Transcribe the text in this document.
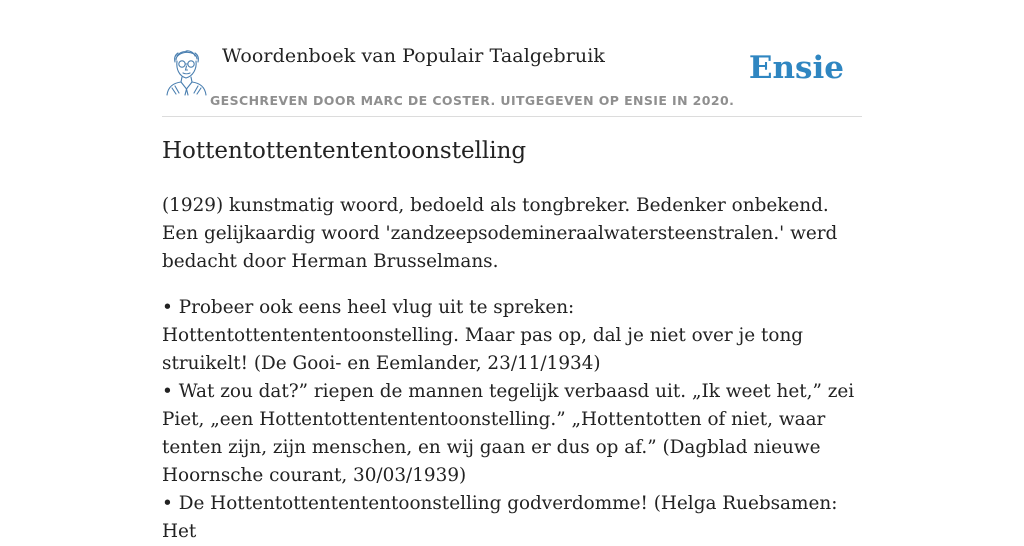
Woordenboek van Populair Taalgebruik
GESCHREVEN DOOR MARC DE COSTER. UITGEGEVEN OP ENSIE IN 2020.
Ensie
Hottentottentententoonstelling

(1929) kunstmatig woord, bedoeld als tongbreker. Bedenker onbekend. Een gelijkaardig woord 'zandzeepsodemineraalwatersteenstralen.' werd bedacht door Herman Brusselmans.

• Probeer ook eens heel vlug uit te spreken: Hottentottentententoonstelling. Maar pas op, dal je niet over je tong struikelt! (De Gooi- en Eemlander, 23/11/1934)

• Wat zou dat?” riepen de mannen tegelijk verbaasd uit. „Ik weet het,” zei Piet, „een Hottentottentententoonstelling.” „Hottentotten of niet, waar tenten zijn, zijn menschen, en wij gaan er dus op af.” (Dagblad nieuwe Hoornsche courant, 30/03/1939)

• De Hottentottentententoonstelling godverdomme! (Helga Ruebsamen: Het
